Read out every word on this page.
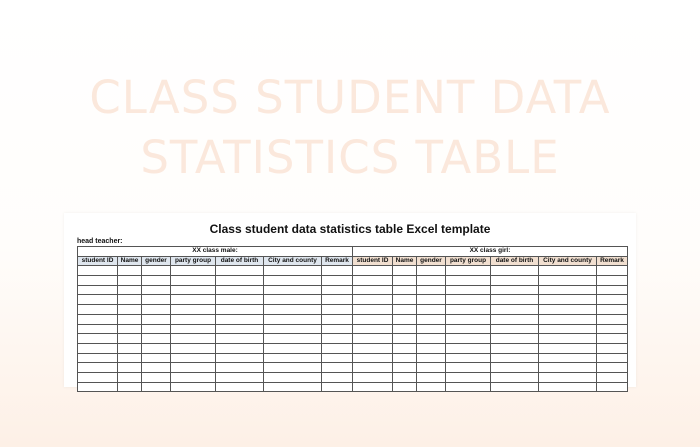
CLASS STUDENT DATA
STATISTICS TABLE
Class student data statistics table Excel template
head teacher:
XX class male:							XX class girl:						
student ID	Name	gender	party group	date of birth	City and county	Remark	student ID	Name	gender	party group	date of birth	City and county	Remark
